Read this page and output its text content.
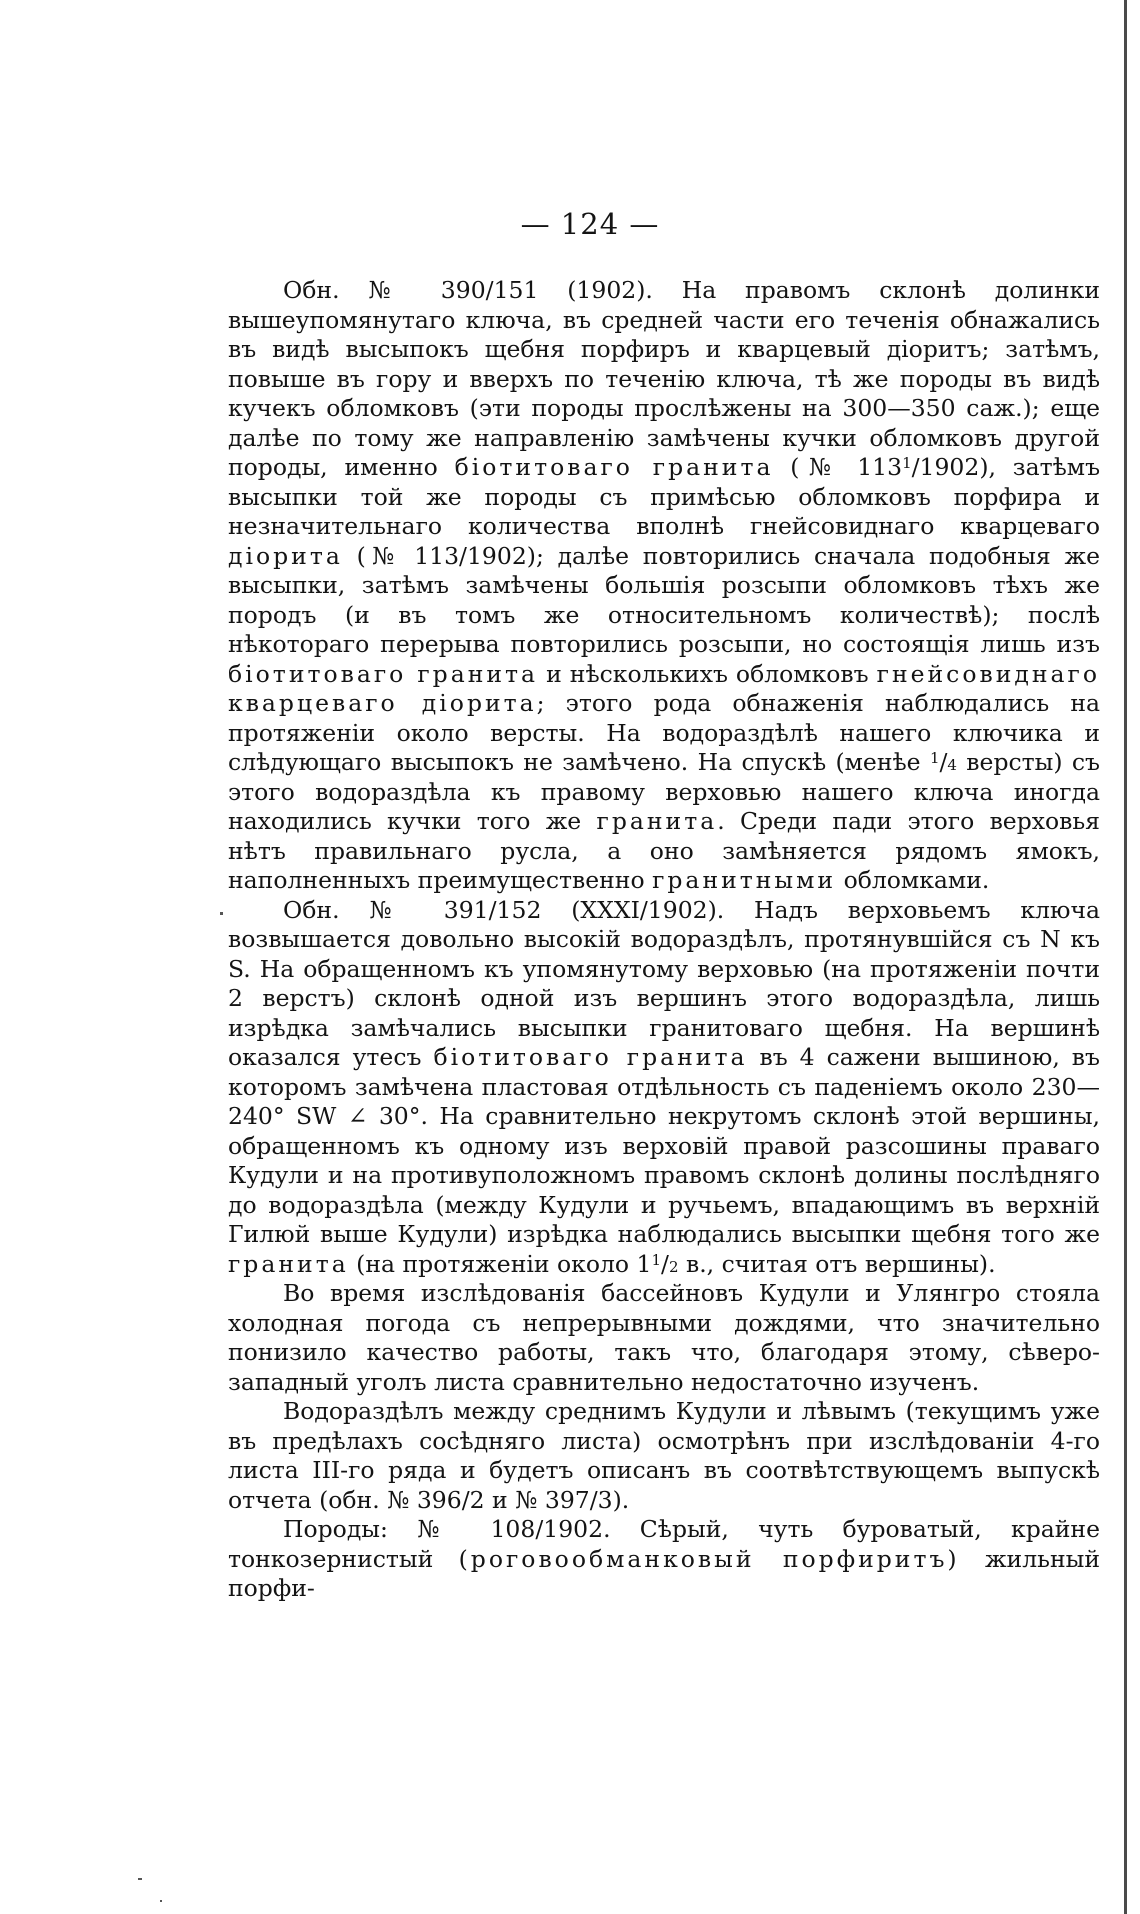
— 124 —

Обн. № 390/151 (1902). На правомъ склонѣ долинки вышеупомянутаго ключа, въ средней части его теченія обнажались въ видѣ высыпокъ щебня порфиръ и кварцевый діоритъ; затѣмъ, повыше въ гору и вверхъ по теченію ключа, тѣ же породы въ видѣ кучекъ обломковъ (эти породы прослѣжены на 300—350 саж.); еще далѣе по тому же направленію замѣчены кучки обломковъ другой породы, именно біотитоваго гранита (№ $113^1/1902$), затѣмъ высыпки той же породы съ примѣсью обломковъ порфира и незначительнаго количества вполнѣ гнейсовиднаго кварцеваго діорита (№ 113/1902); далѣе повторились сначала подобныя же высыпки, затѣмъ замѣчены большія розсыпи обломковъ тѣхъ же породъ (и въ томъ же относительномъ количествѣ); послѣ нѣкотораго перерыва повторились розсыпи, но состоящія лишь изъ біотитоваго гранита и нѣсколькихъ обломковъ гнейсовиднаго кварцеваго діорита; этого рода обнаженія наблюдались на протяженіи около версты. На водораздѣлѣ нашего ключика и слѣдующаго высыпокъ не замѣчено. На спускѣ (менѣе $^1$/4 версты) съ этого водораздѣла къ правому верховью нашего ключа иногда находились кучки того же гранита. Среди пади этого верховья нѣтъ правильнаго русла, а оно замѣняется рядомъ ямокъ, наполненныхъ преимущественно гранитными обломками.

Обн. № 391/152 (XXXI/1902). Надъ верховьемъ ключа возвышается довольно высокій водораздѣлъ, протянувшійся съ N къ S. На обращенномъ къ упомянутому верховью (на протяженіи почти 2 верстъ) склонѣ одной изъ вершинъ этого водораздѣла, лишь изрѣдка замѣчались высыпки гранитоваго щебня. На вершинѣ оказался утесъ біотитоваго гранита въ 4 сажени вышиною, въ которомъ замѣчена пластовая отдѣльность съ паденіемъ около 230—240° SW ∠ 30°. На сравнительно некрутомъ склонѣ этой вершины, обращенномъ къ одному изъ верховій правой разсошины праваго Кудули и на противуположномъ правомъ склонѣ долины послѣдняго до водораздѣла (между Кудули и ручьемъ, впадающимъ въ верхній Гилюй выше Кудули) изрѣдка наблюдались высыпки щебня того же гранита (на протяженіи около $1^1/2$ в., считая отъ вершины).

Во время изслѣдованія бассейновъ Кудули и Улянгро стояла холодная погода съ непрерывными дождями, что значительно понизило качество работы, такъ что, благодаря этому, сѣверо-западный уголъ листа сравнительно недостаточно изученъ.

Водораздѣлъ между среднимъ Кудули и лѣвымъ (текущимъ уже въ предѣлахъ сосѣдняго листа) осмотрѣнъ при изслѣдованіи 4-го листа III-го ряда и будетъ описанъ въ соотвѣтствующемъ выпускѣ отчета (обн. № 396/2 и № 397/3).

Породы: № 108/1902. Сѣрый, чуть буроватый, крайне тонкозернистый (роговообманковый порфиритъ) жильный порфи-
